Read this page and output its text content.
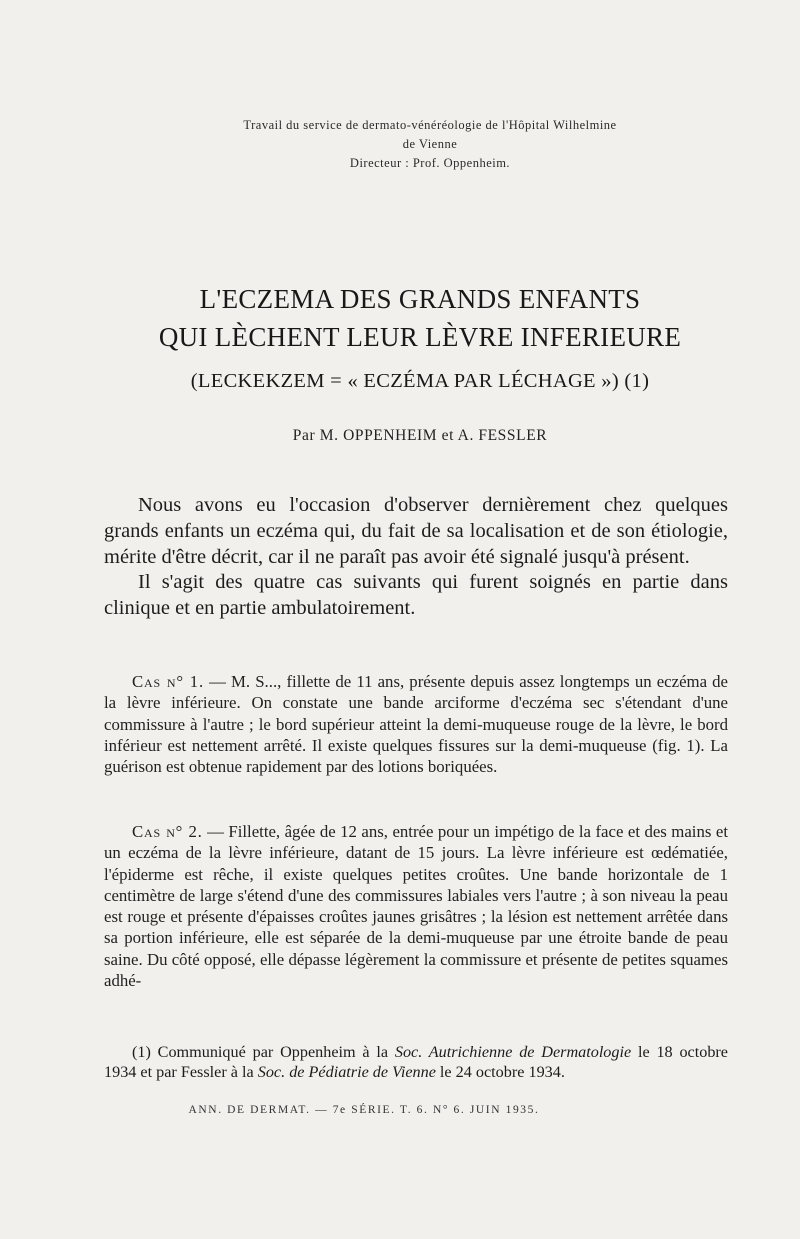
Travail du service de dermato-vénéréologie de l'Hôpital Wilhelmine
de Vienne
Directeur : Prof. Oppenheim.
L'ECZEMA DES GRANDS ENFANTS
QUI LÈCHENT LEUR LÈVRE INFERIEURE
(LECKEKZEM = « ECZÉMA PAR LÉCHAGE ») (1)
Par M. OPPENHEIM et A. FESSLER

Nous avons eu l'occasion d'observer dernièrement chez quelques grands enfants un eczéma qui, du fait de sa localisation et de son étiologie, mérite d'être décrit, car il ne paraît pas avoir été signalé jusqu'à présent.

Il s'agit des quatre cas suivants qui furent soignés en partie dans clinique et en partie ambulatoirement.

Cas n° 1. — M. S..., fillette de 11 ans, présente depuis assez longtemps un eczéma de la lèvre inférieure. On constate une bande arciforme d'eczéma sec s'étendant d'une commissure à l'autre ; le bord supérieur atteint la demi-muqueuse rouge de la lèvre, le bord inférieur est nettement arrêté. Il existe quelques fissures sur la demi-muqueuse (fig. 1). La guérison est obtenue rapidement par des lotions boriquées.

Cas n° 2. — Fillette, âgée de 12 ans, entrée pour un impétigo de la face et des mains et un eczéma de la lèvre inférieure, datant de 15 jours. La lèvre inférieure est œdématiée, l'épiderme est rêche, il existe quelques petites croûtes. Une bande horizontale de 1 centimètre de large s'étend d'une des commissures labiales vers l'autre ; à son niveau la peau est rouge et présente d'épaisses croûtes jaunes grisâtres ; la lésion est nettement arrêtée dans sa portion inférieure, elle est séparée de la demi-muqueuse par une étroite bande de peau saine. Du côté opposé, elle dépasse légèrement la commissure et présente de petites squames adhé-

(1) Communiqué par Oppenheim à la Soc. Autrichienne de Dermatologie le 18 octobre 1934 et par Fessler à la Soc. de Pédiatrie de Vienne le 24 octobre 1934.

ANN. DE DERMAT. — 7e SÉRIE. T. 6. N° 6. JUIN 1935.
